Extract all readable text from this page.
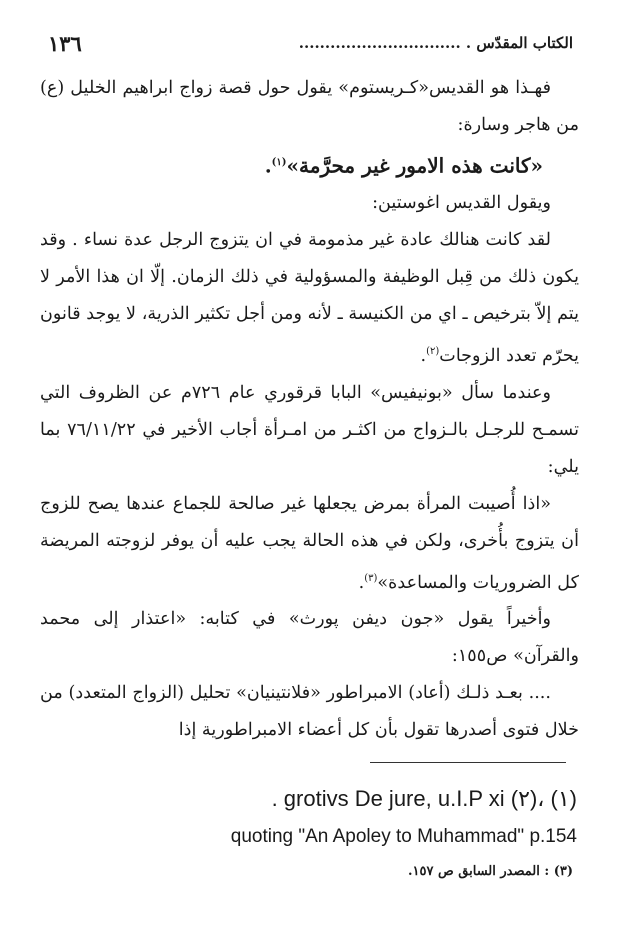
١٣٦	الكتاب المقدّس . ...............................

فهـذا هو القديس«كـريستوم» يقول حول قصة زواج ابراهيم الخليل (ع) من هاجر وسارة:

«كانت هذه الامور غير محرَّمة»$^{(١)}$.

ويقول القديس اغوستين:

لقد كانت هنالك عادة غير مذمومة في ان يتزوج الرجل عدة نساء . وقد يكون ذلك من قِبل الوظيفة والمسؤولية في ذلك الزمان. إلّا ان هذا الأمر لا يتم إلاّ بترخيص ـ اي من الكنيسة ـ لأنه ومن أجل تكثير الذرية، لا يوجد قانون يحرّم تعدد الزوجات$^{(٢)}$.

وعندما سأل «بونيفيس» البابا قرقوري عام ٧٢٦م عن الظروف التي تسمـح للرجـل بالـزواج من اكثـر من امـرأة أجاب الأخير في ٧٦/١١/٢٢ بما يلي:

«اذا أُصيبت المرأة بمرض يجعلها غير صالحة للجماع عندها يصح للزوج أن يتزوج بأُخرى، ولكن في هذه الحالة يجب عليه أن يوفر لزوجته المريضة كل الضروريات والمساعدة»$^{(٣)}$.

وأخيراً يقول «جون ديفن پورث» في كتابه: «اعتذار إلى محمد والقرآن» ص١٥٥:

.... بعـد ذلـك (أعاد) الامبراطور «فلانتينيان» تحليل (الزواج المتعدد) من خلال فتوى أصدرها تقول بأن كل أعضاء الامبراطورية إذا

. grotivs De jure, u.I.P xi (٢)، (١)
quoting "An Apoley to Muhammad" p.154
(٣) : المصدر السابق ص ١٥٧.
